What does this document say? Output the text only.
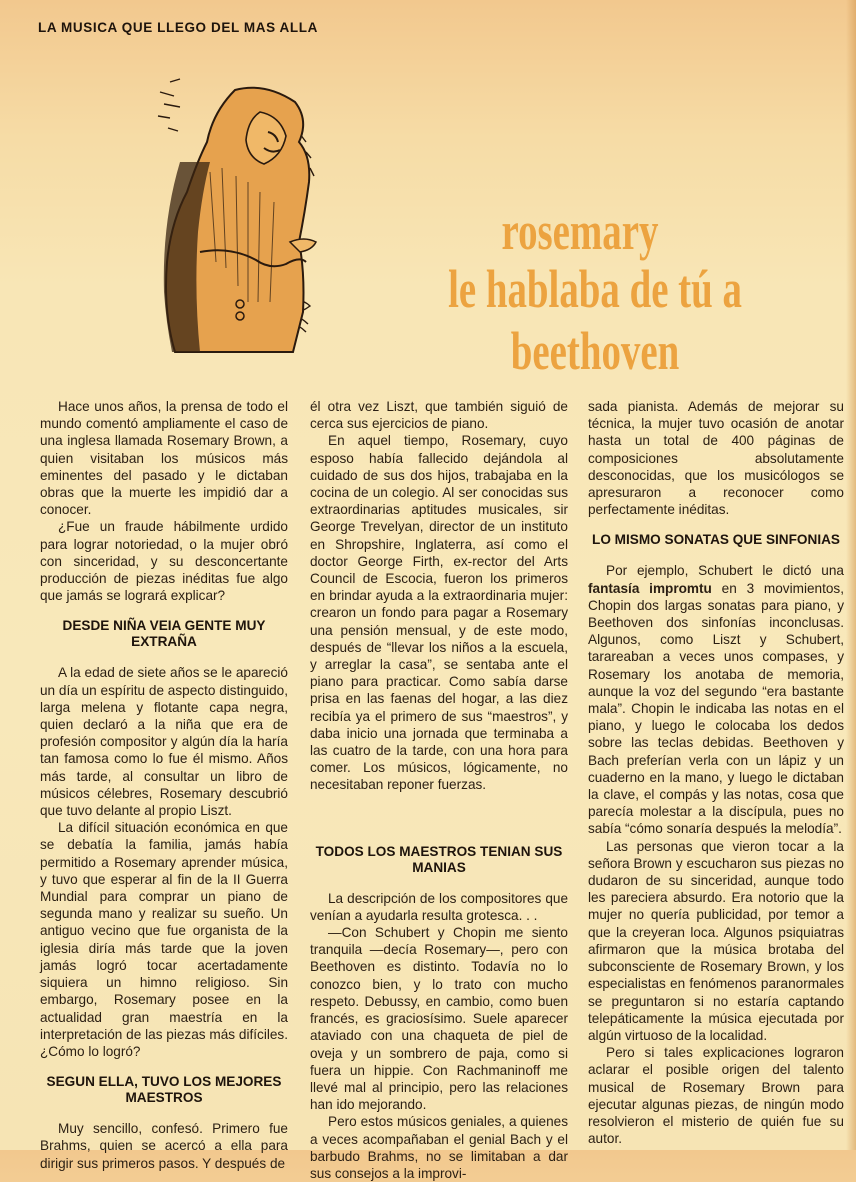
LA MUSICA QUE LLEGO DEL MAS ALLA
rosemary
le hablaba de tú a beethoven

Hace unos años, la prensa de todo el mundo comentó ampliamente el caso de una inglesa llamada Rosemary Brown, a quien visitaban los músicos más eminentes del pasado y le dictaban obras que la muerte les impidió dar a conocer.

¿Fue un fraude hábilmente urdido para lograr notoriedad, o la mujer obró con sinceridad, y su desconcertante producción de piezas inéditas fue algo que jamás se logrará explicar?

DESDE NIÑA VEIA GENTE MUY EXTRAÑA

A la edad de siete años se le apareció un día un espíritu de aspecto distinguido, larga melena y flotante capa negra, quien declaró a la niña que era de profesión compositor y algún día la haría tan famosa como lo fue él mismo. Años más tarde, al consultar un libro de músicos célebres, Rosemary descubrió que tuvo delante al propio Liszt.

La difícil situación económica en que se debatía la familia, jamás había permitido a Rosemary aprender música, y tuvo que esperar al fin de la II Guerra Mundial para comprar un piano de segunda mano y realizar su sueño. Un antiguo vecino que fue organista de la iglesia diría más tarde que la joven jamás logró tocar acertadamente siquiera un himno religioso. Sin embargo, Rosemary posee en la actualidad gran maestría en la interpretación de las piezas más difíciles. ¿Cómo lo logró?

SEGUN ELLA, TUVO LOS MEJORES MAESTROS

Muy sencillo, confesó. Primero fue Brahms, quien se acercó a ella para dirigir sus primeros pasos. Y después de

él otra vez Liszt, que también siguió de cerca sus ejercicios de piano.

En aquel tiempo, Rosemary, cuyo esposo había fallecido dejándola al cuidado de sus dos hijos, trabajaba en la cocina de un colegio. Al ser conocidas sus extraordinarias aptitudes musicales, sir George Trevelyan, director de un instituto en Shropshire, Inglaterra, así como el doctor George Firth, ex-rector del Arts Council de Escocia, fueron los primeros en brindar ayuda a la extraordinaria mujer: crearon un fondo para pagar a Rosemary una pensión mensual, y de este modo, después de “llevar los niños a la escuela, y arreglar la casa”, se sentaba ante el piano para practicar. Como sabía darse prisa en las faenas del hogar, a las diez recibía ya el primero de sus “maestros”, y daba inicio una jornada que terminaba a las cuatro de la tarde, con una hora para comer. Los músicos, lógicamente, no necesitaban reponer fuerzas.

TODOS LOS MAESTROS TENIAN SUS MANIAS

La descripción de los compositores que venían a ayudarla resulta grotesca. . .

—Con Schubert y Chopin me siento tranquila —decía Rosemary—, pero con Beethoven es distinto. Todavía no lo conozco bien, y lo trato con mucho respeto. Debussy, en cambio, como buen francés, es graciosísimo. Suele aparecer ataviado con una chaqueta de piel de oveja y un sombrero de paja, como si fuera un hippie. Con Rachmaninoff me llevé mal al principio, pero las relaciones han ido mejorando.

Pero estos músicos geniales, a quienes a veces acompañaban el genial Bach y el barbudo Brahms, no se limitaban a dar sus consejos a la improvi-

sada pianista. Además de mejorar su técnica, la mujer tuvo ocasión de anotar hasta un total de 400 páginas de composiciones absolutamente desconocidas, que los musicólogos se apresuraron a reconocer como perfectamente inéditas.

LO MISMO SONATAS QUE SINFONIAS

Por ejemplo, Schubert le dictó una fantasía impromtu en 3 movimientos, Chopin dos largas sonatas para piano, y Beethoven dos sinfonías inconclusas. Algunos, como Liszt y Schubert, tarareaban a veces unos compases, y Rosemary los anotaba de memoria, aunque la voz del segundo “era bastante mala”. Chopin le indicaba las notas en el piano, y luego le colocaba los dedos sobre las teclas debidas. Beethoven y Bach preferían verla con un lápiz y un cuaderno en la mano, y luego le dictaban la clave, el compás y las notas, cosa que parecía molestar a la discípula, pues no sabía “cómo sonaría después la melodía”.

Las personas que vieron tocar a la señora Brown y escucharon sus piezas no dudaron de su sinceridad, aunque todo les pareciera absurdo. Era notorio que la mujer no quería publicidad, por temor a que la creyeran loca. Algunos psiquiatras afirmaron que la música brotaba del subconsciente de Rosemary Brown, y los especialistas en fenómenos paranormales se preguntaron si no estaría captando telepáticamente la música ejecutada por algún virtuoso de la localidad.

Pero si tales explicaciones lograron aclarar el posible origen del talento musical de Rosemary Brown para ejecutar algunas piezas, de ningún modo resolvieron el misterio de quién fue su autor.
